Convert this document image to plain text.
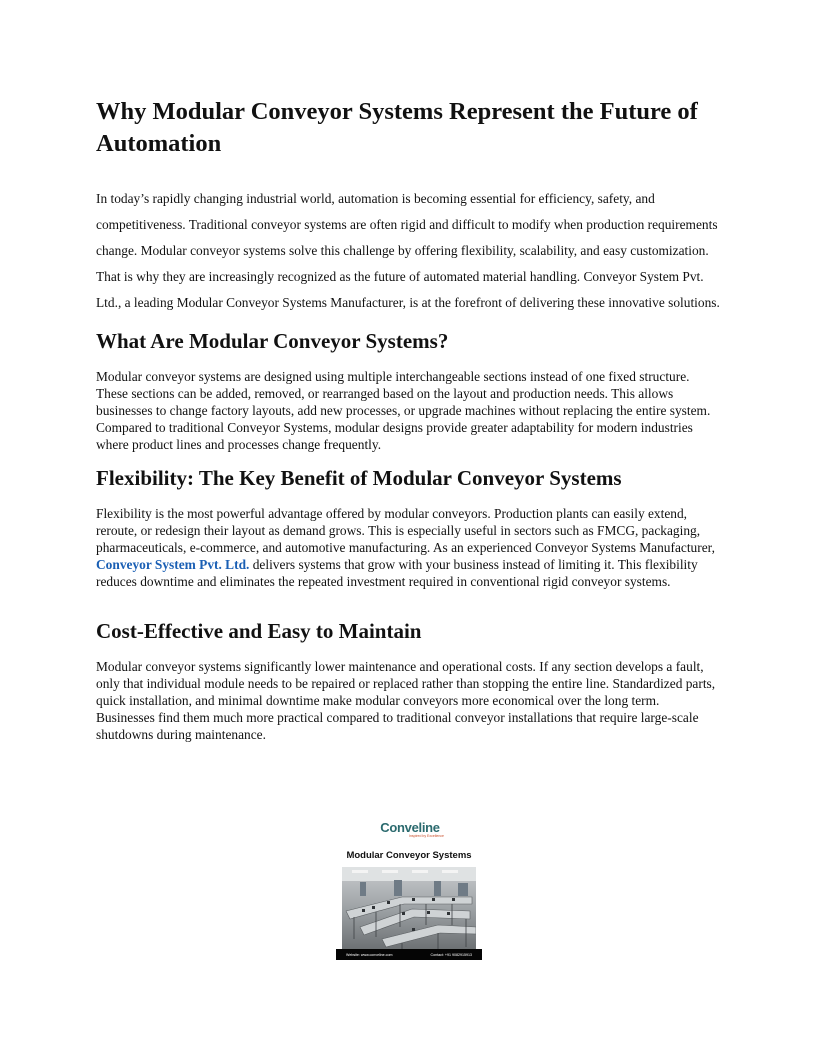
Why Modular Conveyor Systems Represent the Future of Automation

In today’s rapidly changing industrial world, automation is becoming essential for efficiency, safety, and competitiveness. Traditional conveyor systems are often rigid and difficult to modify when production requirements change. Modular conveyor systems solve this challenge by offering flexibility, scalability, and easy customization. That is why they are increasingly recognized as the future of automated material handling. Conveyor System Pvt. Ltd., a leading Modular Conveyor Systems Manufacturer, is at the forefront of delivering these innovative solutions.

What Are Modular Conveyor Systems?

Modular conveyor systems are designed using multiple interchangeable sections instead of one fixed structure. These sections can be added, removed, or rearranged based on the layout and production needs. This allows businesses to change factory layouts, add new processes, or upgrade machines without replacing the entire system. Compared to traditional Conveyor Systems, modular designs provide greater adaptability for modern industries where product lines and processes change frequently.

Flexibility: The Key Benefit of Modular Conveyor Systems

Flexibility is the most powerful advantage offered by modular conveyors. Production plants can easily extend, reroute, or redesign their layout as demand grows. This is especially useful in sectors such as FMCG, packaging, pharmaceuticals, e-commerce, and automotive manufacturing. As an experienced Conveyor Systems Manufacturer, Conveyor System Pvt. Ltd. delivers systems that grow with your business instead of limiting it. This flexibility reduces downtime and eliminates the repeated investment required in conventional rigid conveyor systems.

Cost-Effective and Easy to Maintain

Modular conveyor systems significantly lower maintenance and operational costs. If any section develops a fault, only that individual module needs to be repaired or replaced rather than stopping the entire line. Standardized parts, quick installation, and minimal downtime make modular conveyors more economical over the long term. Businesses find them much more practical compared to traditional conveyor installations that require large-scale shutdowns during maintenance.

Conveline
Inspired by Excellence
Modular Conveyor Systems
Website: www.conveline.com	Contact: +91 9082915913
